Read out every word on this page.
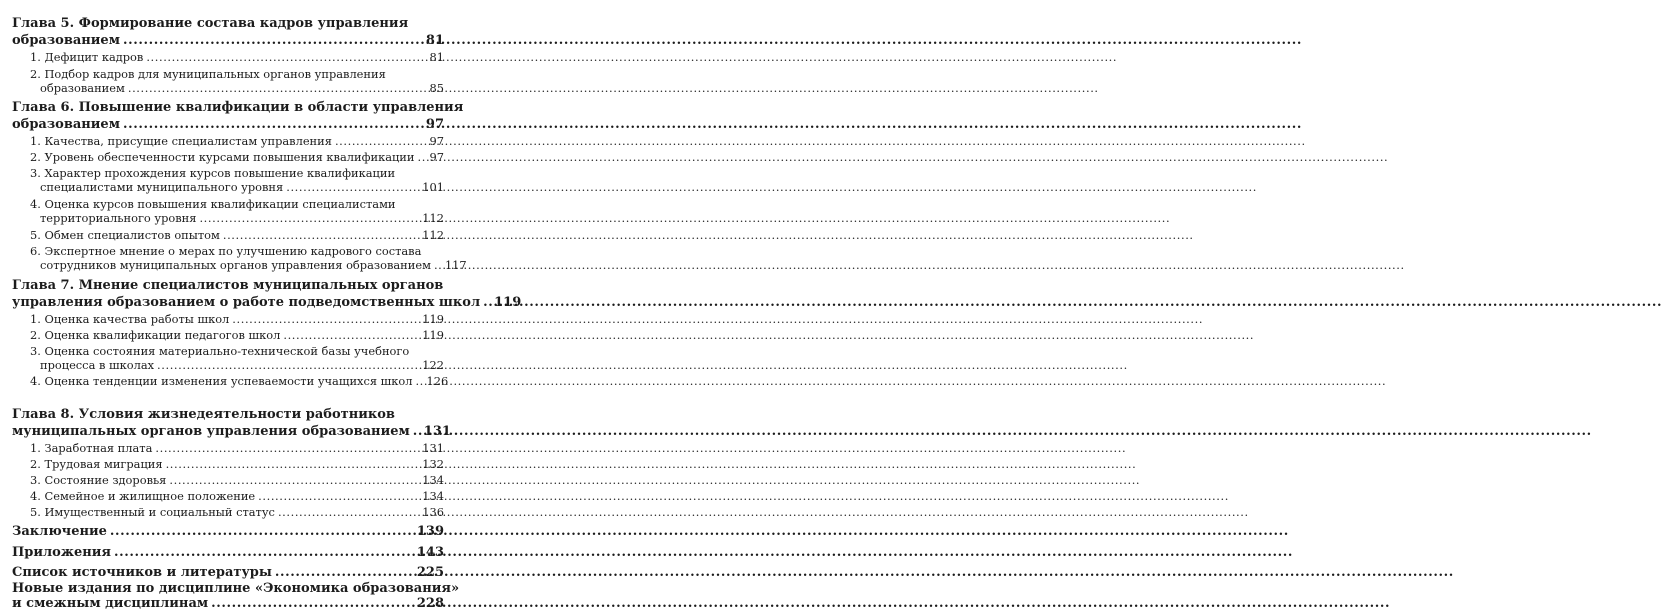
Глава 5. Формирование состава кадров управления
образованием .....	81
1. Дефицит кадров .....	81
2. Подбор кадров для муниципальных органов управления
образованием .....	85
Глава 6. Повышение квалификации в области управления
образованием .....	97
1. Качества, присущие специалистам управления .....	97
2. Уровень обеспеченности курсами повышения квалификации ..... 97
3. Характер прохождения курсов повышение квалификации
специалистами муниципального уровня .....	101
4. Оценка курсов повышения квалификации специалистами
территориального уровня .....	112
5. Обмен специалистов опытом .....	112
6. Экспертное мнение о мерах по улучшению кадрового состава
сотрудников муниципальных органов управления образованием ..... 117
Глава 7. Мнение специалистов муниципальных органов
управления образованием о работе подведомственных школ ..... 119
1. Оценка качества работы школ .....	119
2. Оценка квалификации педагогов школ .....	119
3. Оценка состояния материально-технической базы учебного
процесса в школах .....	122
4. Оценка тенденции изменения успеваемости учащихся школ ..... 126
Глава 8. Условия жизнедеятельности работников
муниципальных органов управления образованием ..... 131
1. Заработная плата .....	131
2. Трудовая миграция .....	132
3. Состояние здоровья .....	134
4. Семейное и жилищное положение .....	134
5. Имущественный и социальный статус .....	136
Заключение .....	139
Приложения .....	143
Список источников и литературы .....	225
Новые издания по дисциплине «Экономика образования»
и смежным дисциплинам .....	228
